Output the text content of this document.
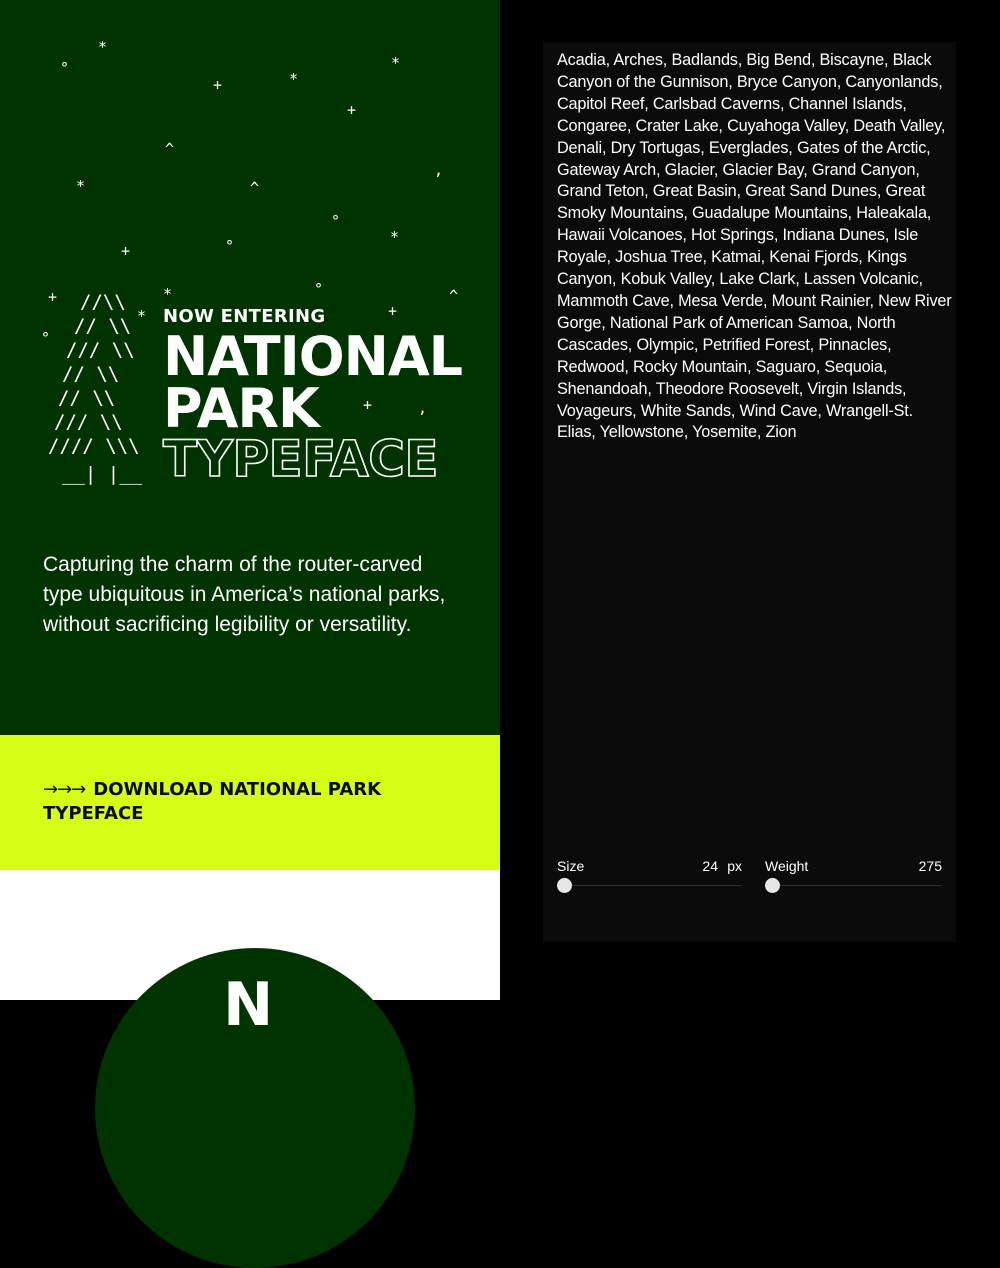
*
°
+	*
*
+
^
*	^
,
°
*
+	°
+	*	°
+
^
*
°
+	,
//\\
// \\
/// \\
// \\
// \\
/// \\
//// \\\
__| |__
NOW ENTERING
NATIONAL
PARK
TYPEFACE

Capturing the charm of the router-carved type ubiquitous in America’s national parks, without sacrificing legibility or versatility.

→→→ DOWNLOAD NATIONAL PARK TYPEFACE
N

Acadia, Arches, Badlands, Big Bend, Biscayne, Black Canyon of the Gunnison, Bryce Canyon, Canyonlands, Capitol Reef, Carlsbad Caverns, Channel Islands, Congaree, Crater Lake, Cuyahoga Valley, Death Valley, Denali, Dry Tortugas, Everglades, Gates of the Arctic, Gateway Arch, Glacier, Glacier Bay, Grand Canyon, Grand Teton, Great Basin, Great Sand Dunes, Great Smoky Mountains, Guadalupe Mountains, Haleakala, Hawaii Volcanoes, Hot Springs, Indiana Dunes, Isle Royale, Joshua Tree, Katmai, Kenai Fjords, Kings Canyon, Kobuk Valley, Lake Clark, Lassen Volcanic, Mammoth Cave, Mesa Verde, Mount Rainier, New River Gorge, National Park of American Samoa, North Cascades, Olympic, Petrified Forest, Pinnacles, Redwood, Rocky Mountain, Saguaro, Sequoia, Shenandoah, Theodore Roosevelt, Virgin Islands, Voyageurs, White Sands, Wind Cave, Wrangell-St. Elias, Yellowstone, Yosemite, Zion

Size	24 px Weight	275
